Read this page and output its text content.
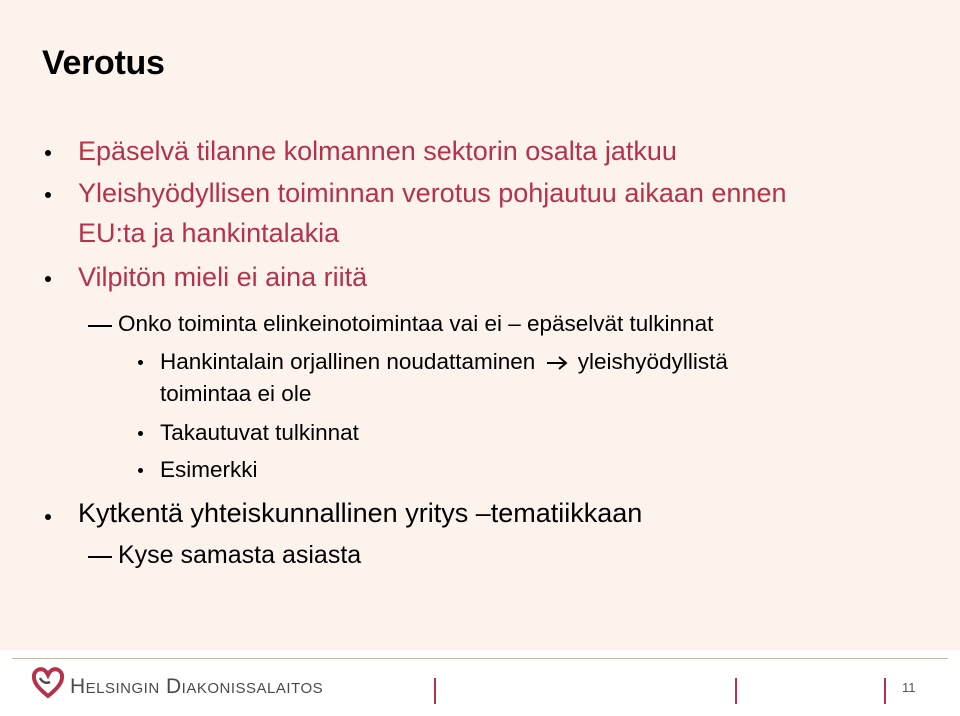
Verotus
Epäselvä tilanne kolmannen sektorin osalta jatkuu
Yleishyödyllisen toiminnan verotus pohjautuu aikaan ennen
EU:ta ja hankintalakia
Vilpitön mieli ei aina riitä
Onko toiminta elinkeinotoimintaa vai ei – epäselvät tulkinnat
Hankintalain orjallinen noudattaminen yleishyödyllistä
toimintaa ei ole
Takautuvat tulkinnat
Esimerkki
Kytkentä yhteiskunnallinen yritys –tematiikkaan
Kyse samasta asiasta
Helsingin Diakonissalaitos	11
